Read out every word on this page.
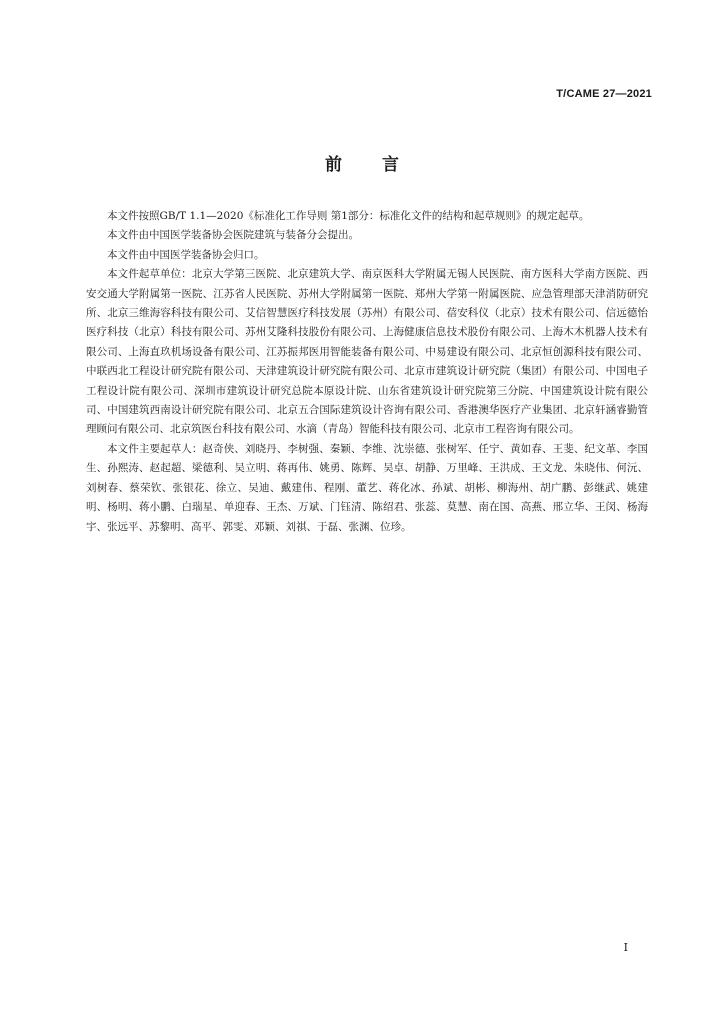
T/CAME 27—2021
前言

本文件按照GB/T 1.1—2020《标准化工作导则 第1部分：标准化文件的结构和起草规则》的规定起草。

本文件由中国医学装备协会医院建筑与装备分会提出。

本文件由中国医学装备协会归口。

本文件起草单位：北京大学第三医院、北京建筑大学、南京医科大学附属无锡人民医院、南方医科大学南方医院、西安交通大学附属第一医院、江苏省人民医院、苏州大学附属第一医院、郑州大学第一附属医院、应急管理部天津消防研究所、北京三维海容科技有限公司、艾信智慧医疗科技发展（苏州）有限公司、蓓安科仪（北京）技术有限公司、信远德怡医疗科技（北京）科技有限公司、苏州艾隆科技股份有限公司、上海健康信息技术股份有限公司、上海木木机器人技术有限公司、上海直玖机场设备有限公司、江苏振邦医用智能装备有限公司、中易建设有限公司、北京恒创源科技有限公司、中联西北工程设计研究院有限公司、天津建筑设计研究院有限公司、北京市建筑设计研究院（集团）有限公司、中国电子工程设计院有限公司、深圳市建筑设计研究总院本原设计院、山东省建筑设计研究院第三分院、中国建筑设计院有限公司、中国建筑西南设计研究院有限公司、北京五合国际建筑设计咨询有限公司、香港澳华医疗产业集团、北京轩涵睿勤管理顾问有限公司、北京筑医台科技有限公司、水滴（青岛）智能科技有限公司、北京市工程咨询有限公司。

本文件主要起草人：赵奇侠、刘晓丹、李树强、秦颖、李维、沈崇德、张树军、任宁、黄如春、王斐、纪文革、李国生、孙熙涛、赵起超、梁德利、吴立明、蒋再伟、姚勇、陈辉、吴卓、胡静、万里峰、王洪成、王文龙、朱晓伟、何沅、刘树春、蔡荣钦、张银花、徐立、吴迪、戴建伟、程刚、董艺、蒋化冰、孙斌、胡彬、柳海州、胡广鹏、彭继武、姚建明、杨明、蒋小鹏、白瑞星、单迎春、王杰、万斌、门钰清、陈绍君、张蕊、莫慧、南在国、高燕、邢立华、王闵、杨海宇、张远平、苏黎明、高平、郭雯、邓颖、刘祺、于磊、张渊、位珍。

I
